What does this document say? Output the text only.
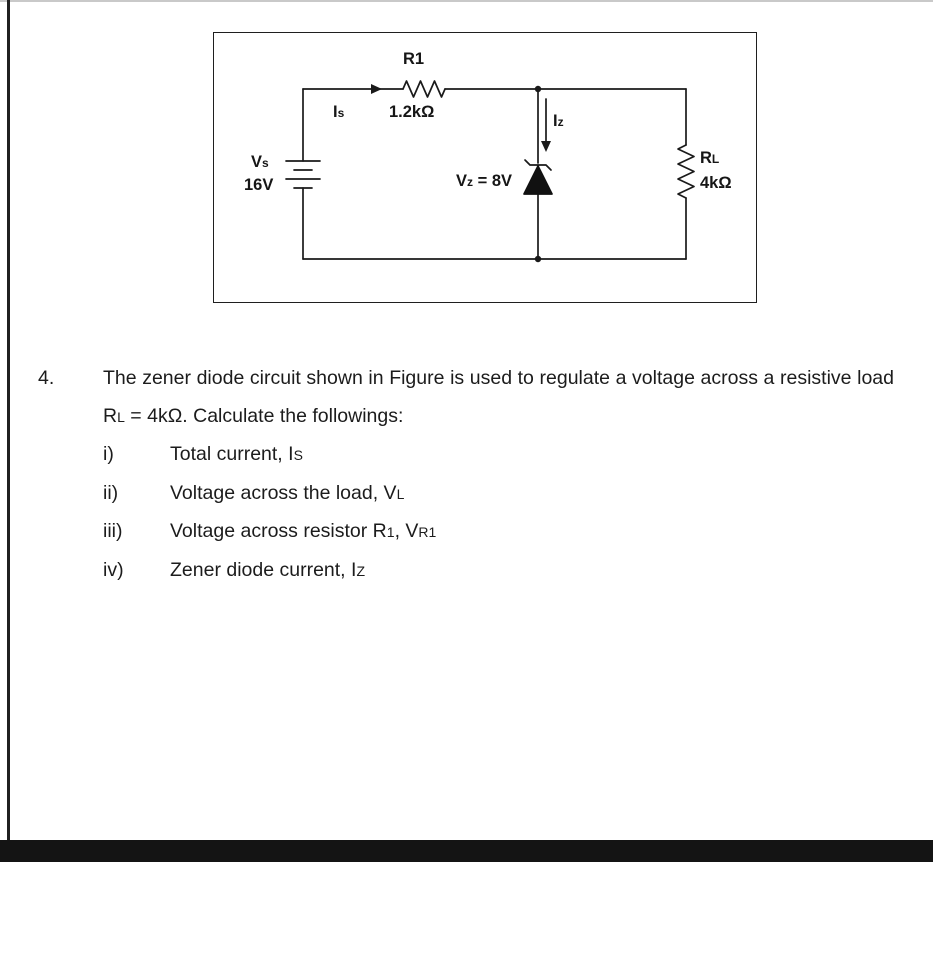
R1
Is	1.2kΩ
Vs
16V	Vz = 8V
Iz
RL
4kΩ
4.	The zener diode circuit shown in Figure is used to regulate a voltage across a resistive load RL = 4kΩ. Calculate the followings:

i)	Total current, IS
ii)	Voltage across the load, VL
iii)	Voltage across resistor R1, VR1
iv)	Zener diode current, IZ
